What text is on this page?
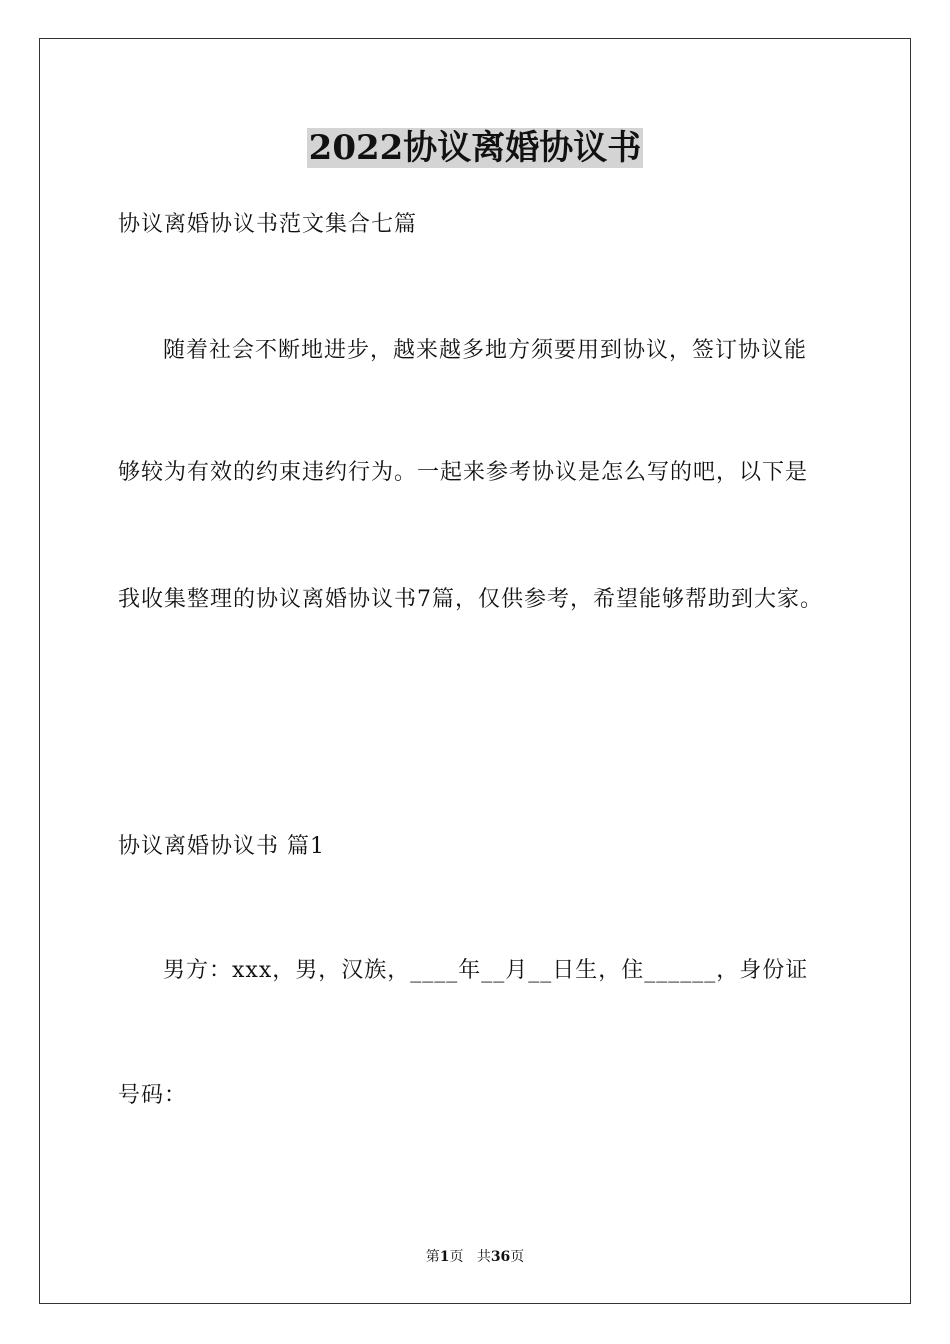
2022协议离婚协议书
协议离婚协议书范文集合七篇
随着社会不断地进步，越来越多地方须要用到协议，签订协议能
够较为有效的约束违约行为。一起来参考协议是怎么写的吧，以下是
我收集整理的协议离婚协议书7篇，仅供参考，希望能够帮助到大家。
协议离婚协议书 篇1
男方：xxx，男，汉族，____年__月__日生，住______，身份证
号码：
第1页 共36页
